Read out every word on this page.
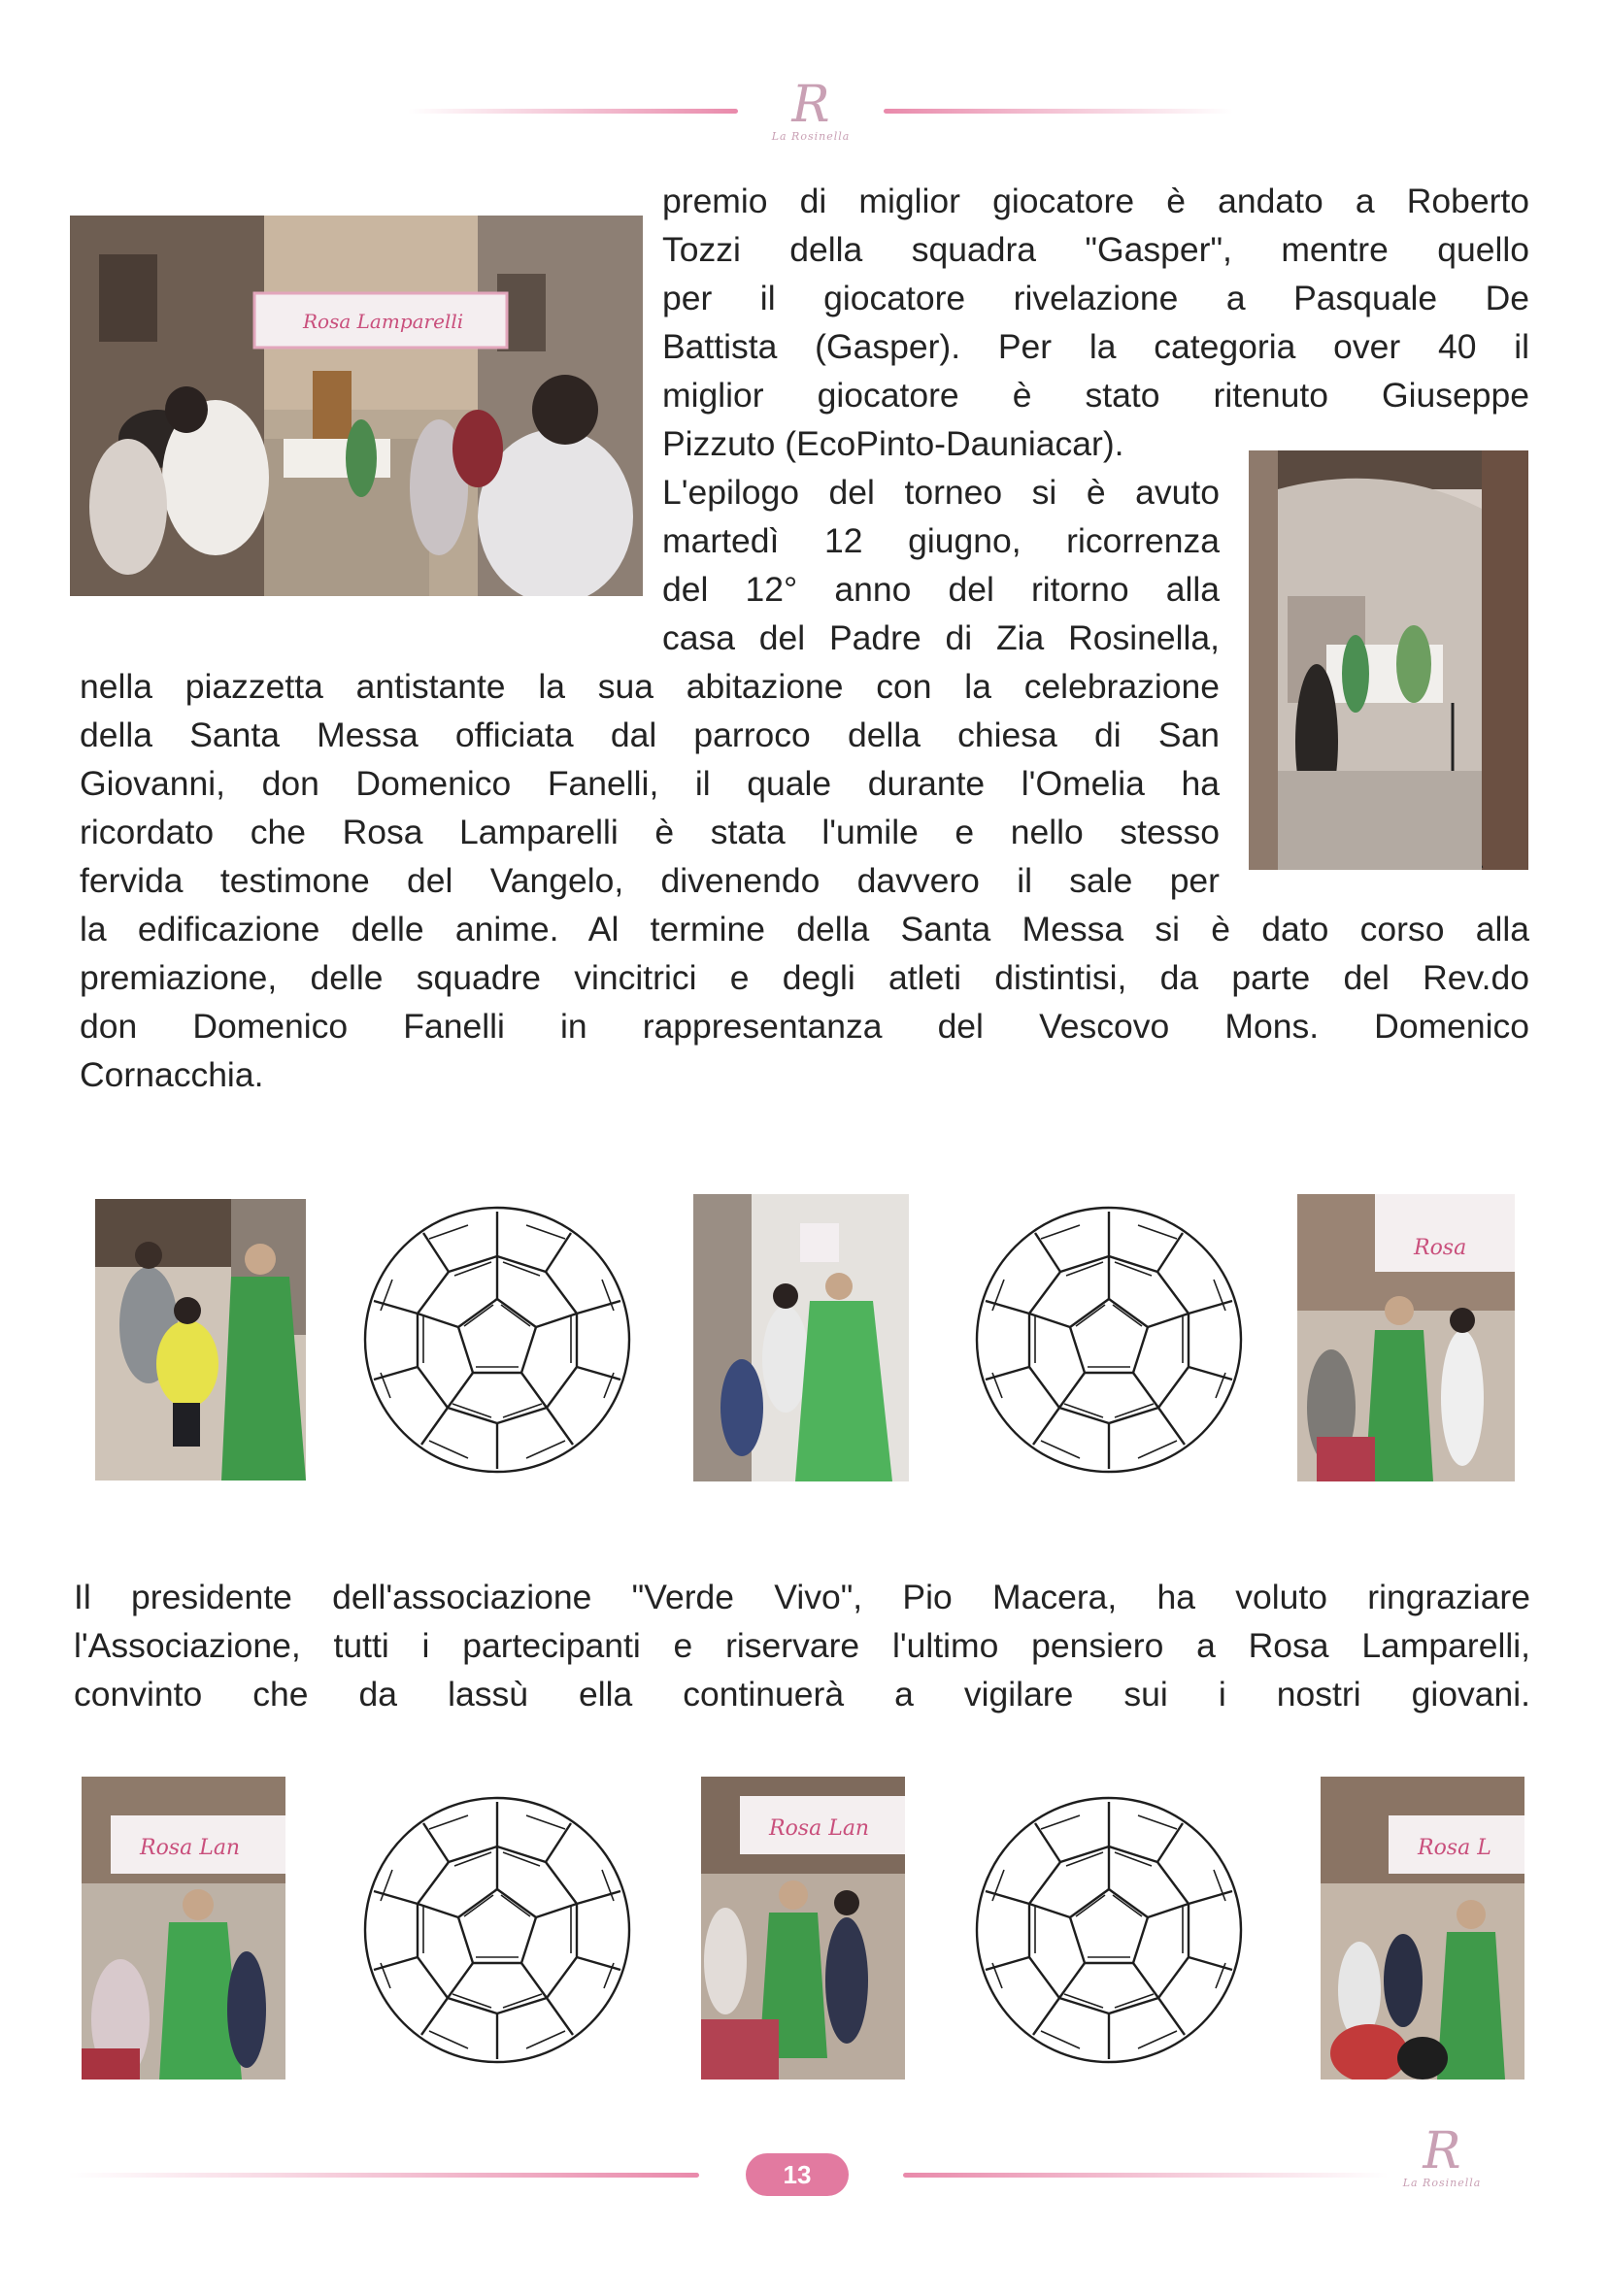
R
La Rosinella
Rosa Lamparelli
premio di miglior giocatore è andato a Roberto
Tozzi della squadra "Gasper", mentre quello
per il giocatore rivelazione a Pasquale De
Battista (Gasper). Per la categoria over 40 il
miglior giocatore è stato ritenuto Giuseppe
Pizzuto (EcoPinto-Dauniacar).
L'epilogo del torneo si è avuto
martedì 12 giugno, ricorrenza
del 12° anno del ritorno alla
casa del Padre di Zia Rosinella,
nella piazzetta antistante la sua abitazione con la celebrazione
della Santa Messa officiata dal parroco della chiesa di San
Giovanni, don Domenico Fanelli, il quale durante l'Omelia ha
ricordato che Rosa Lamparelli è stata l'umile e nello stesso
fervida testimone del Vangelo, divenendo davvero il sale per
la edificazione delle anime. Al termine della Santa Messa si è dato corso alla
premiazione, delle squadre vincitrici e degli atleti distintisi, da parte del Rev.do
don Domenico Fanelli in rappresentanza del Vescovo Mons. Domenico
Cornacchia.
Rosa
Il presidente dell'associazione "Verde Vivo", Pio Macera, ha voluto ringraziare
l'Associazione, tutti i partecipanti e riservare l'ultimo pensiero a Rosa Lamparelli,
convinto che da lassù ella continuerà a vigilare sui i nostri giovani.
Rosa Lan
Rosa Lan
Rosa L
13	R
La Rosinella
